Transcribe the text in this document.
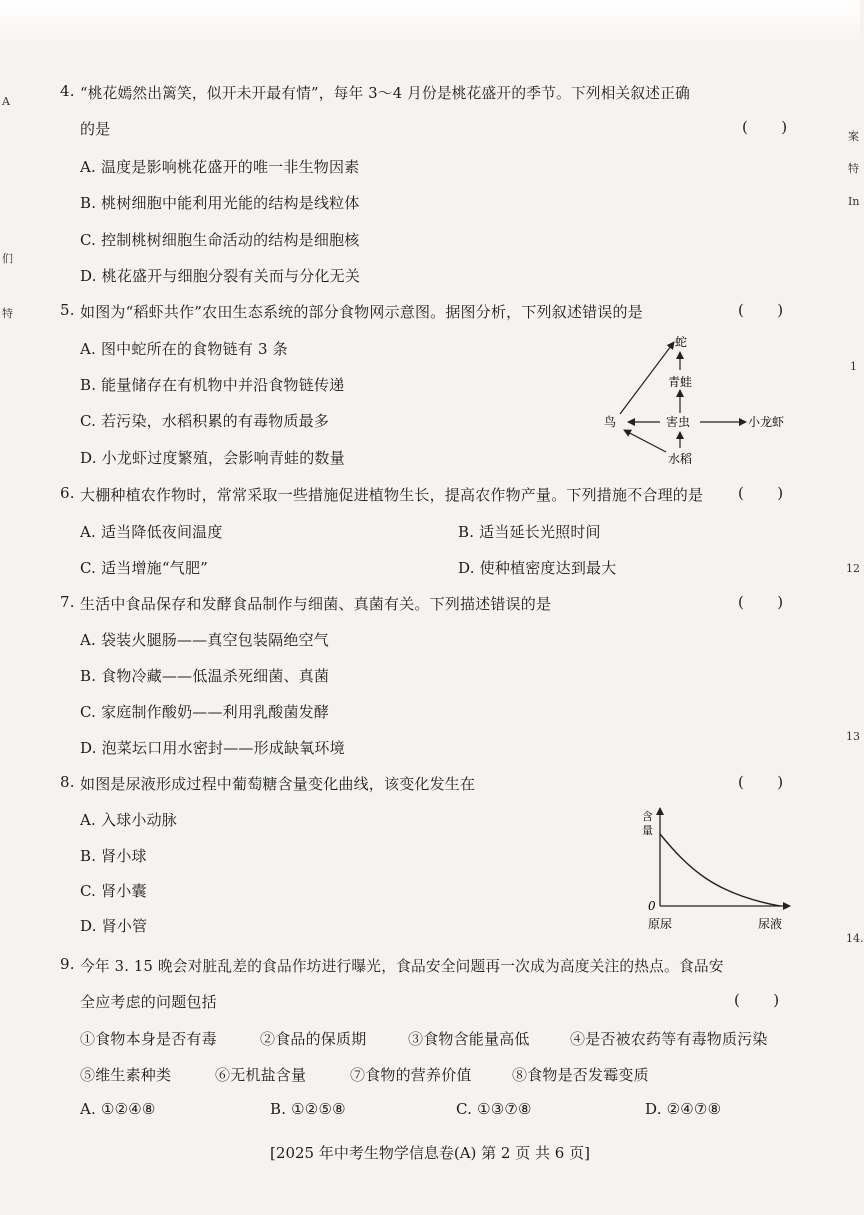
A
们
特
案
特
In
1
12
13
14.
4. “桃花嫣然出篱笑，似开未开最有情”，每年 3～4 月份是桃花盛开的季节。下列相关叙述正确
的是	(       )
A. 温度是影响桃花盛开的唯一非生物因素
B. 桃树细胞中能利用光能的结构是线粒体
C. 控制桃树细胞生命活动的结构是细胞核
D. 桃花盛开与细胞分裂有关而与分化无关
5. 如图为“稻虾共作”农田生态系统的部分食物网示意图。据图分析，下列叙述错误的是	(       )
A. 图中蛇所在的食物链有 3 条
B. 能量储存在有机物中并沿食物链传递
C. 若污染，水稻积累的有毒物质最多
D. 小龙虾过度繁殖，会影响青蛙的数量
蛇
青蛙
鸟	害虫	小龙虾
水稻
6. 大棚种植农作物时，常常采取一些措施促进植物生长，提高农作物产量。下列措施不合理的是 (       )
A. 适当降低夜间温度	B. 适当延长光照时间
C. 适当增施“气肥”	D. 使种植密度达到最大
7. 生活中食品保存和发酵食品制作与细菌、真菌有关。下列描述错误的是	(       )
A. 袋装火腿肠——真空包装隔绝空气
B. 食物冷藏——低温杀死细菌、真菌
C. 家庭制作酸奶——利用乳酸菌发酵
D. 泡菜坛口用水密封——形成缺氧环境
8. 如图是尿液形成过程中葡萄糖含量变化曲线，该变化发生在	(       )
A. 入球小动脉
B. 肾小球
C. 肾小囊
D. 肾小管
含
量
0
原尿	尿液
9. 今年 3. 15 晚会对脏乱差的食品作坊进行曝光，食品安全问题再一次成为高度关注的热点。食品安
全应考虑的问题包括	(       )
①食物本身是否有毒	②食品的保质期	③食物含能量高低	④是否被农药等有毒物质污染
⑤维生素种类	⑥无机盐含量	⑦食物的营养价值	⑧食物是否发霉变质
A. ①②④⑧	B. ①②⑤⑧	C. ①③⑦⑧	D. ②④⑦⑧
[2025 年中考生物学信息卷(A) 第 2 页 共 6 页]
